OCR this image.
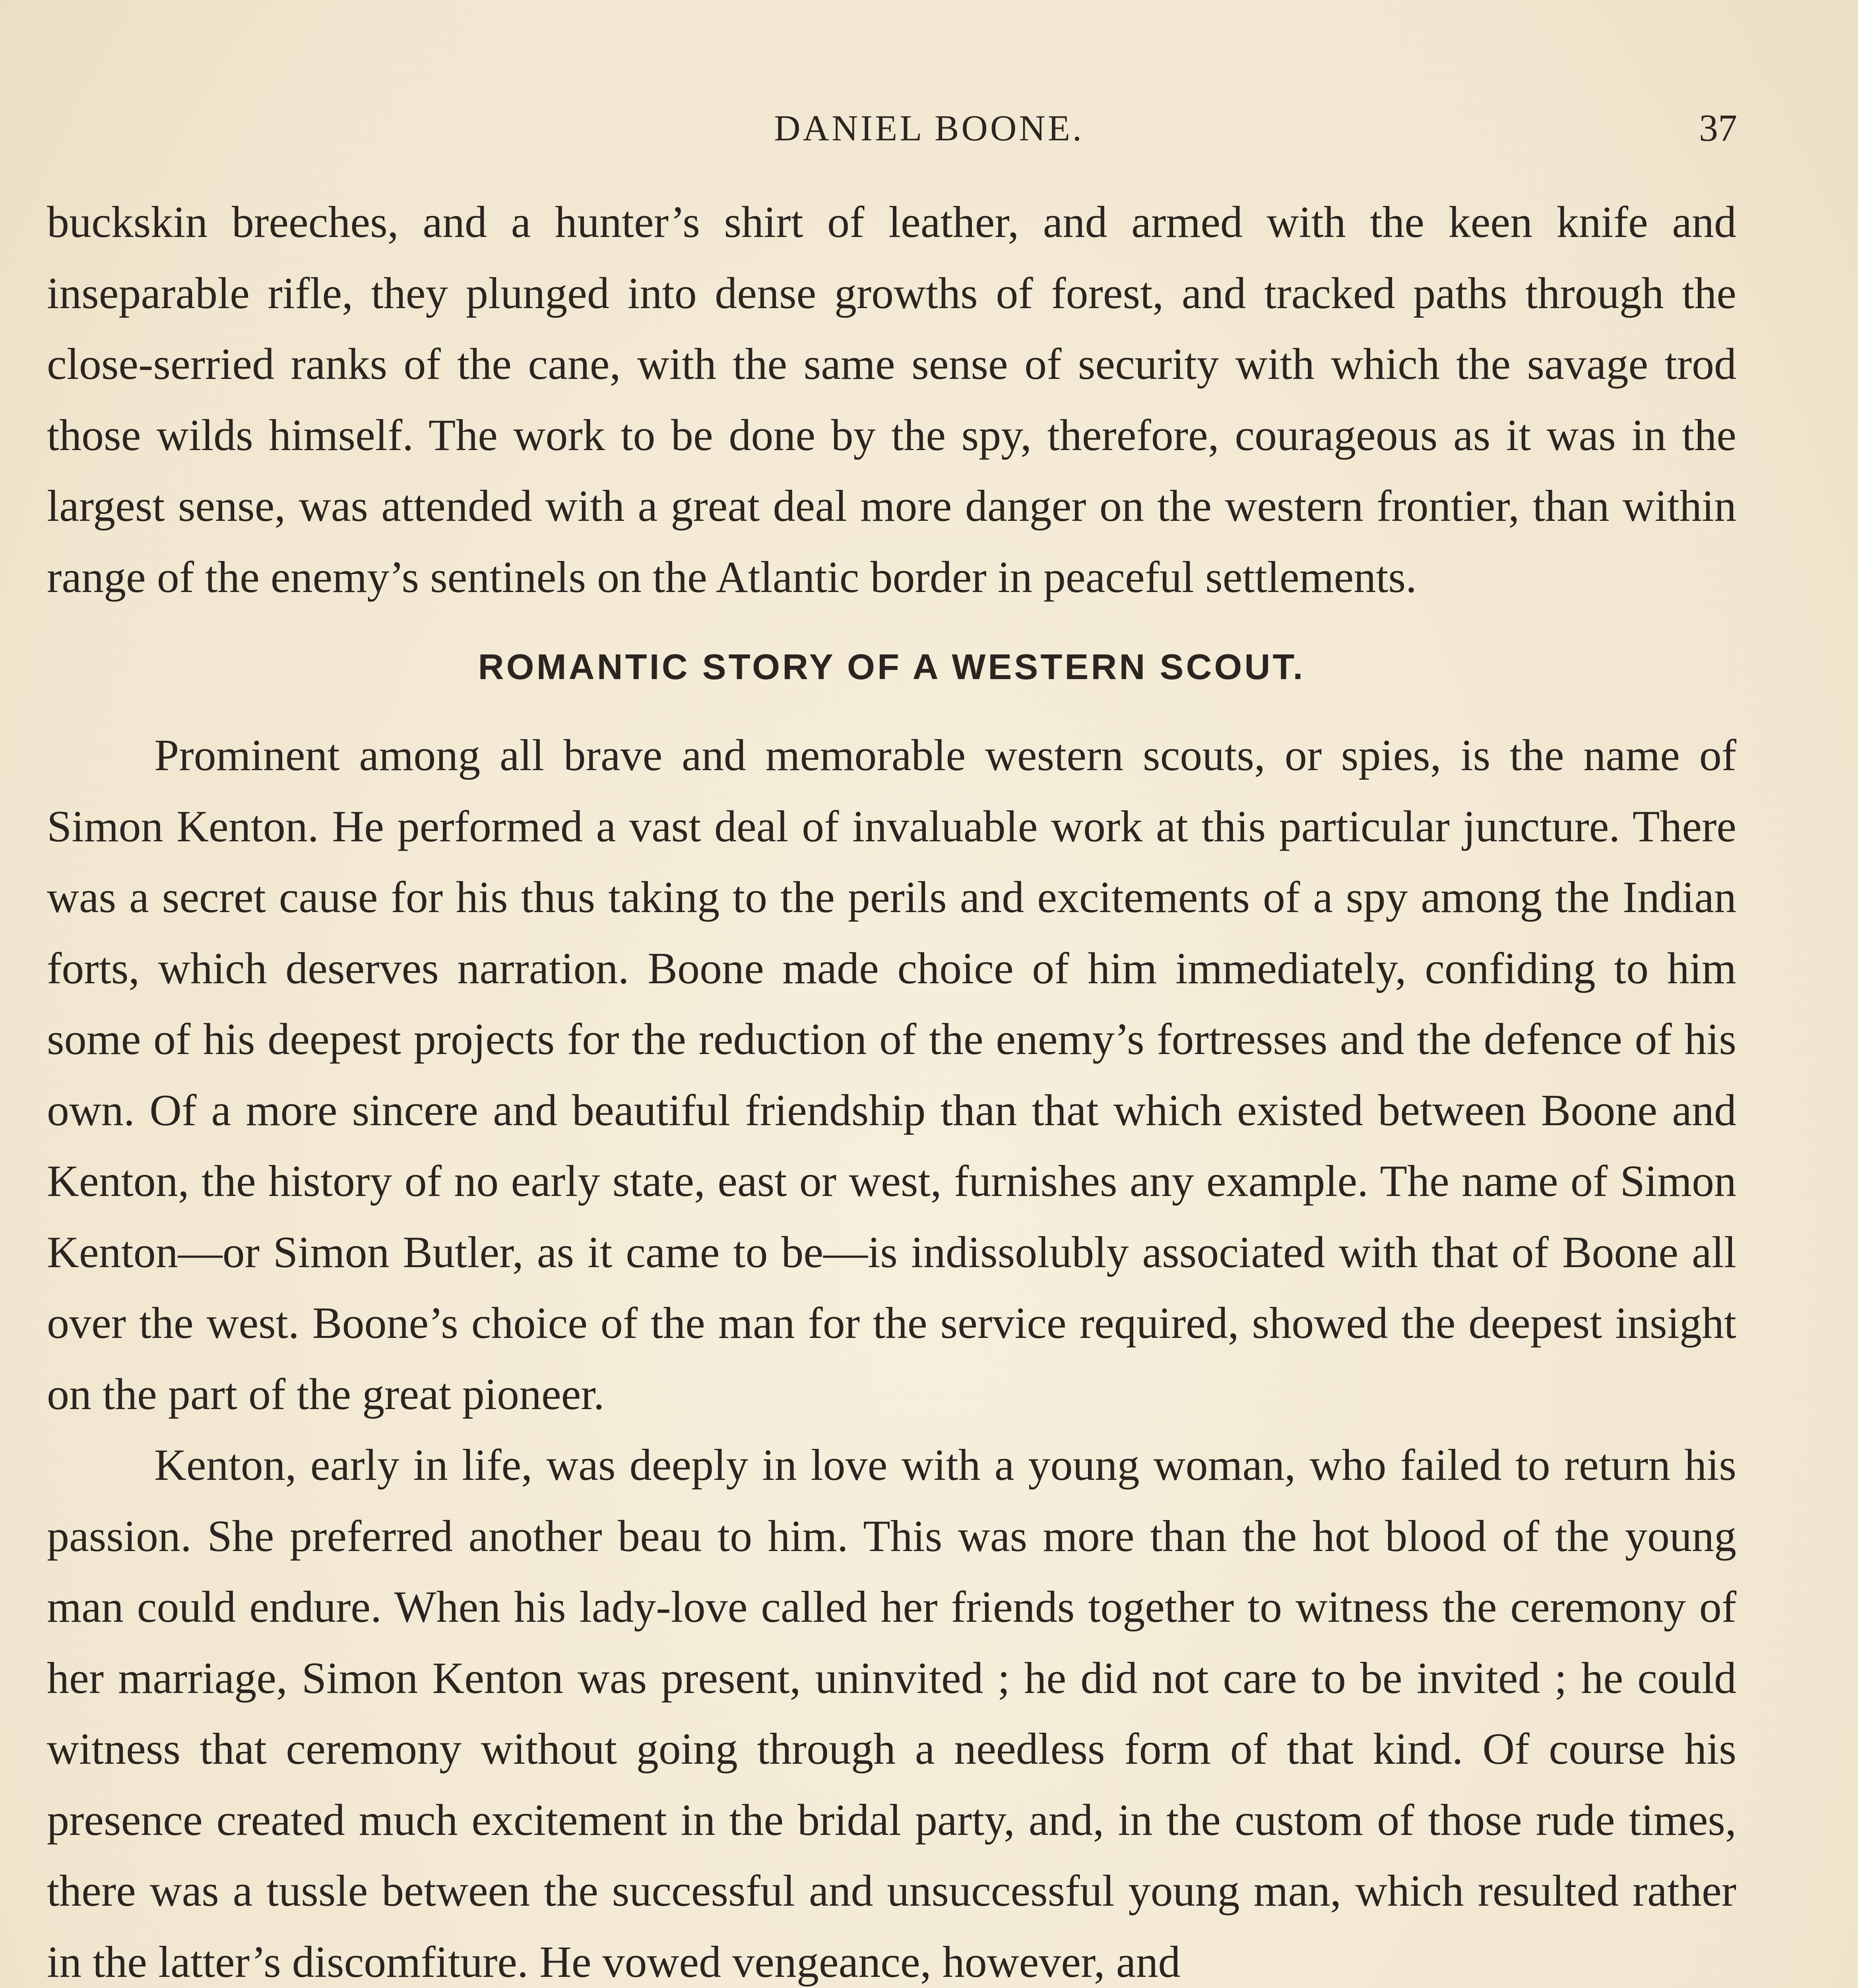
DANIEL BOONE.	37

buckskin breeches, and a hunter’s shirt of leather, and armed with the keen knife and inseparable rifle, they plunged into dense growths of forest, and tracked paths through the close-serried ranks of the cane, with the same sense of security with which the savage trod those wilds himself. The work to be done by the spy, therefore, courageous as it was in the largest sense, was attended with a great deal more danger on the western frontier, than within range of the enemy’s sentinels on the Atlantic border in peaceful settlements.

ROMANTIC STORY OF A WESTERN SCOUT.

Prominent among all brave and memorable western scouts, or spies, is the name of Simon Kenton. He performed a vast deal of invaluable work at this particular juncture. There was a secret cause for his thus taking to the perils and excitements of a spy among the Indian forts, which deserves narration. Boone made choice of him immediately, confiding to him some of his deepest projects for the reduction of the enemy’s fortresses and the defence of his own. Of a more sincere and beautiful friendship than that which existed between Boone and Kenton, the history of no early state, east or west, furnishes any example. The name of Simon Kenton—or Simon Butler, as it came to be—is indissolubly associated with that of Boone all over the west. Boone’s choice of the man for the service required, showed the deepest insight on the part of the great pioneer.

Kenton, early in life, was deeply in love with a young woman, who failed to return his passion. She preferred another beau to him. This was more than the hot blood of the young man could endure. When his lady-love called her friends together to witness the ceremony of her marriage, Simon Kenton was present, uninvited ; he did not care to be invited ; he could witness that ceremony without going through a needless form of that kind. Of course his presence created much excitement in the bridal party, and, in the custom of those rude times, there was a tussle between the successful and unsuccessful young man, which resulted rather in the latter’s discomfiture. He vowed vengeance, however, and
